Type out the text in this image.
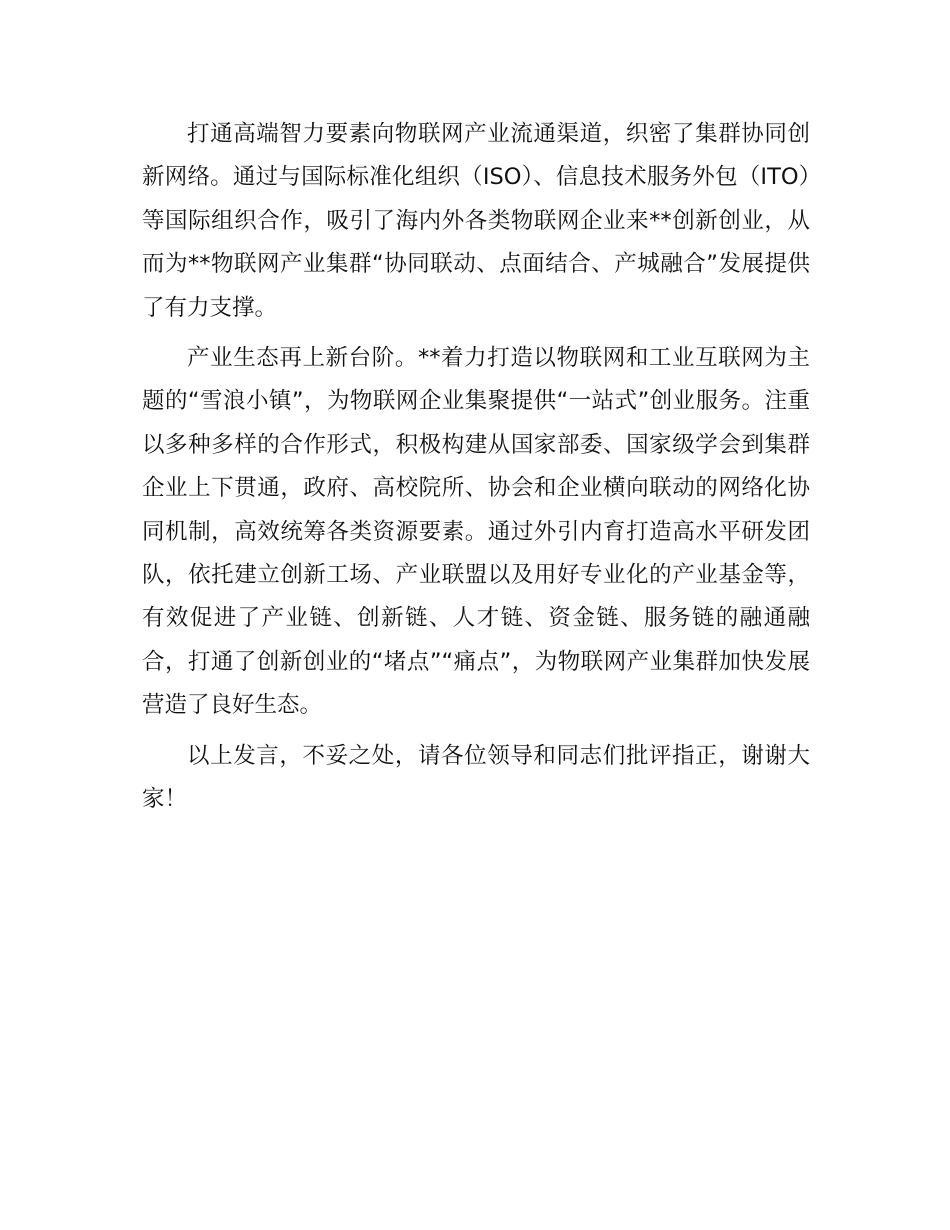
打通高端智力要素向物联网产业流通渠道，织密了集群协同创新网络。通过与国际标准化组织（ISO）、信息技术服务外包（ITO）等国际组织合作，吸引了海内外各类物联网企业来**创新创业，从而为**物联网产业集群“协同联动、点面结合、产城融合”发展提供了有力支撑。

产业生态再上新台阶。**着力打造以物联网和工业互联网为主题的“雪浪小镇”，为物联网企业集聚提供“一站式”创业服务。注重以多种多样的合作形式，积极构建从国家部委、国家级学会到集群企业上下贯通，政府、高校院所、协会和企业横向联动的网络化协同机制，高效统筹各类资源要素。通过外引内育打造高水平研发团队，依托建立创新工场、产业联盟以及用好专业化的产业基金等，有效促进了产业链、创新链、人才链、资金链、服务链的融通融合，打通了创新创业的“堵点”“痛点”，为物联网产业集群加快发展营造了良好生态。

以上发言，不妥之处，请各位领导和同志们批评指正，谢谢大家！
